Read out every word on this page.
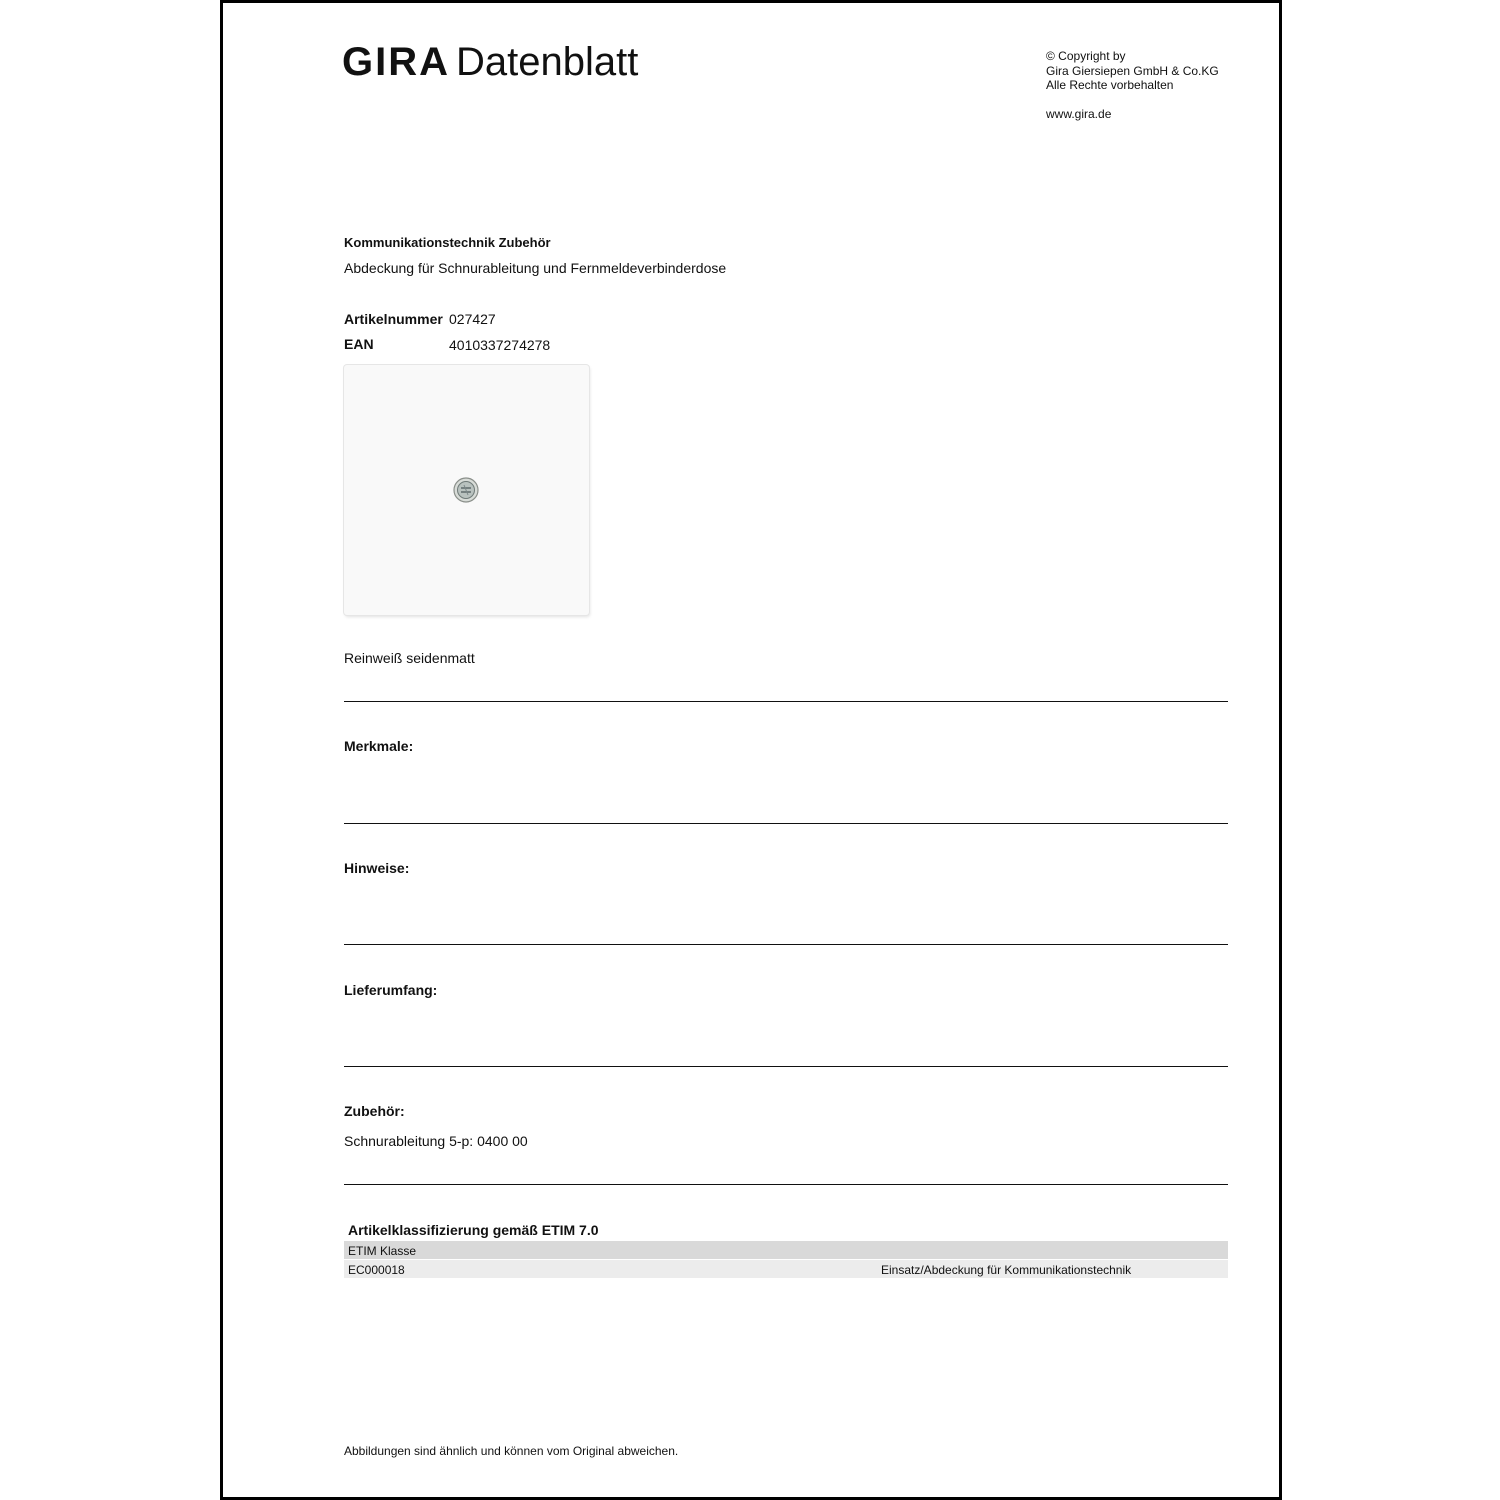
GIRA Datenblatt	© Copyright by
Gira Giersiepen GmbH & Co.KG
Alle Rechte vorbehalten
www.gira.de
Kommunikationstechnik Zubehör
Abdeckung für Schnurableitung und Fernmeldeverbinderdose
Artikelnummer 027427
EAN	4010337274278
Reinweiß seidenmatt
Merkmale:
Hinweise:
Lieferumfang:
Zubehör:
Schnurableitung 5-p: 0400 00
Artikelklassifizierung gemäß ETIM 7.0
ETIM Klasse
EC000018	Einsatz/Abdeckung für Kommunikationstechnik
Abbildungen sind ähnlich und können vom Original abweichen.
